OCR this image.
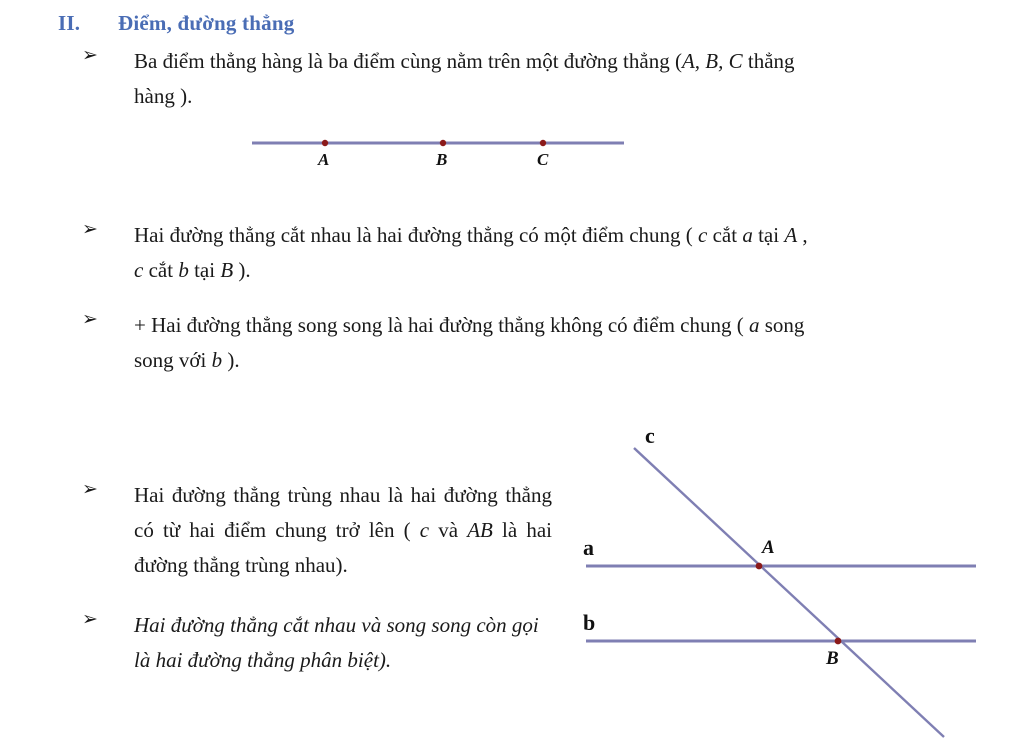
II. Điểm, đường thẳng
➢ Ba điểm thẳng hàng là ba điểm cùng nằm trên một đường thẳng (A, B, C thẳng
hàng ).
A	B	C
➢ Hai đường thẳng cắt nhau là hai đường thẳng có một điểm chung ( c cắt a tại A ,
c cắt b tại B ).
➢ + Hai đường thẳng song song là hai đường thẳng không có điểm chung ( a song
song với b ).
➢ Hai đường thẳng trùng nhau là hai đường thẳng có từ hai điểm chung trở lên ( c và AB là hai đường thẳng trùng nhau).
➢ Hai đường thẳng cắt nhau và song song còn gọi là hai đường thẳng phân biệt).
a
b
c
A
B
